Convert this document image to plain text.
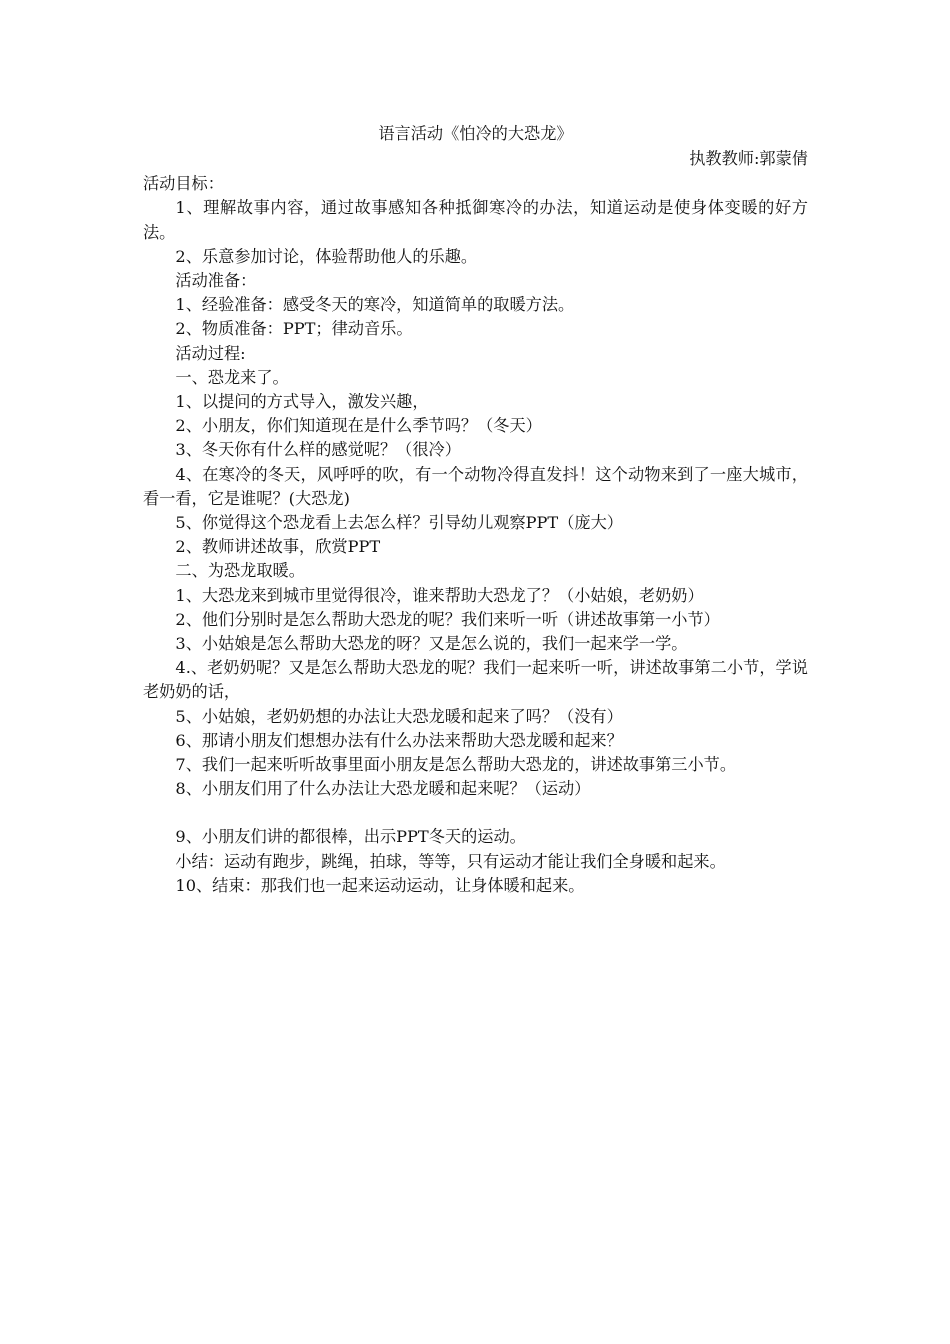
语言活动《怕冷的大恐龙》

执教教师:郭蒙倩

活动目标：

1、理解故事内容，通过故事感知各种抵御寒冷的办法，知道运动是使身体变暖的好方法。

2、乐意参加讨论，体验帮助他人的乐趣。

活动准备：

1、经验准备：感受冬天的寒冷，知道简单的取暖方法。

2、物质准备：PPT；律动音乐。

活动过程:

一、恐龙来了。

1、以提问的方式导入，激发兴趣，

2、小朋友，你们知道现在是什么季节吗？（冬天）

3、冬天你有什么样的感觉呢？（很冷）

4、在寒冷的冬天，风呼呼的吹，有一个动物冷得直发抖！这个动物来到了一座大城市，看一看，它是谁呢？(大恐龙)

5、你觉得这个恐龙看上去怎么样？引导幼儿观察PPT（庞大）

2、教师讲述故事，欣赏PPT

二、为恐龙取暖。

1、大恐龙来到城市里觉得很冷，谁来帮助大恐龙了？（小姑娘，老奶奶）

2、他们分别时是怎么帮助大恐龙的呢？我们来听一听（讲述故事第一小节）

3、小姑娘是怎么帮助大恐龙的呀？又是怎么说的，我们一起来学一学。

4.、老奶奶呢？又是怎么帮助大恐龙的呢？我们一起来听一听，讲述故事第二小节，学说老奶奶的话，

5、小姑娘，老奶奶想的办法让大恐龙暖和起来了吗？（没有）

6、那请小朋友们想想办法有什么办法来帮助大恐龙暖和起来？

7、我们一起来听听故事里面小朋友是怎么帮助大恐龙的，讲述故事第三小节。

8、小朋友们用了什么办法让大恐龙暖和起来呢？（运动）

9、小朋友们讲的都很棒，出示PPT冬天的运动。

小结：运动有跑步，跳绳，拍球，等等，只有运动才能让我们全身暖和起来。

10、结束：那我们也一起来运动运动，让身体暖和起来。
